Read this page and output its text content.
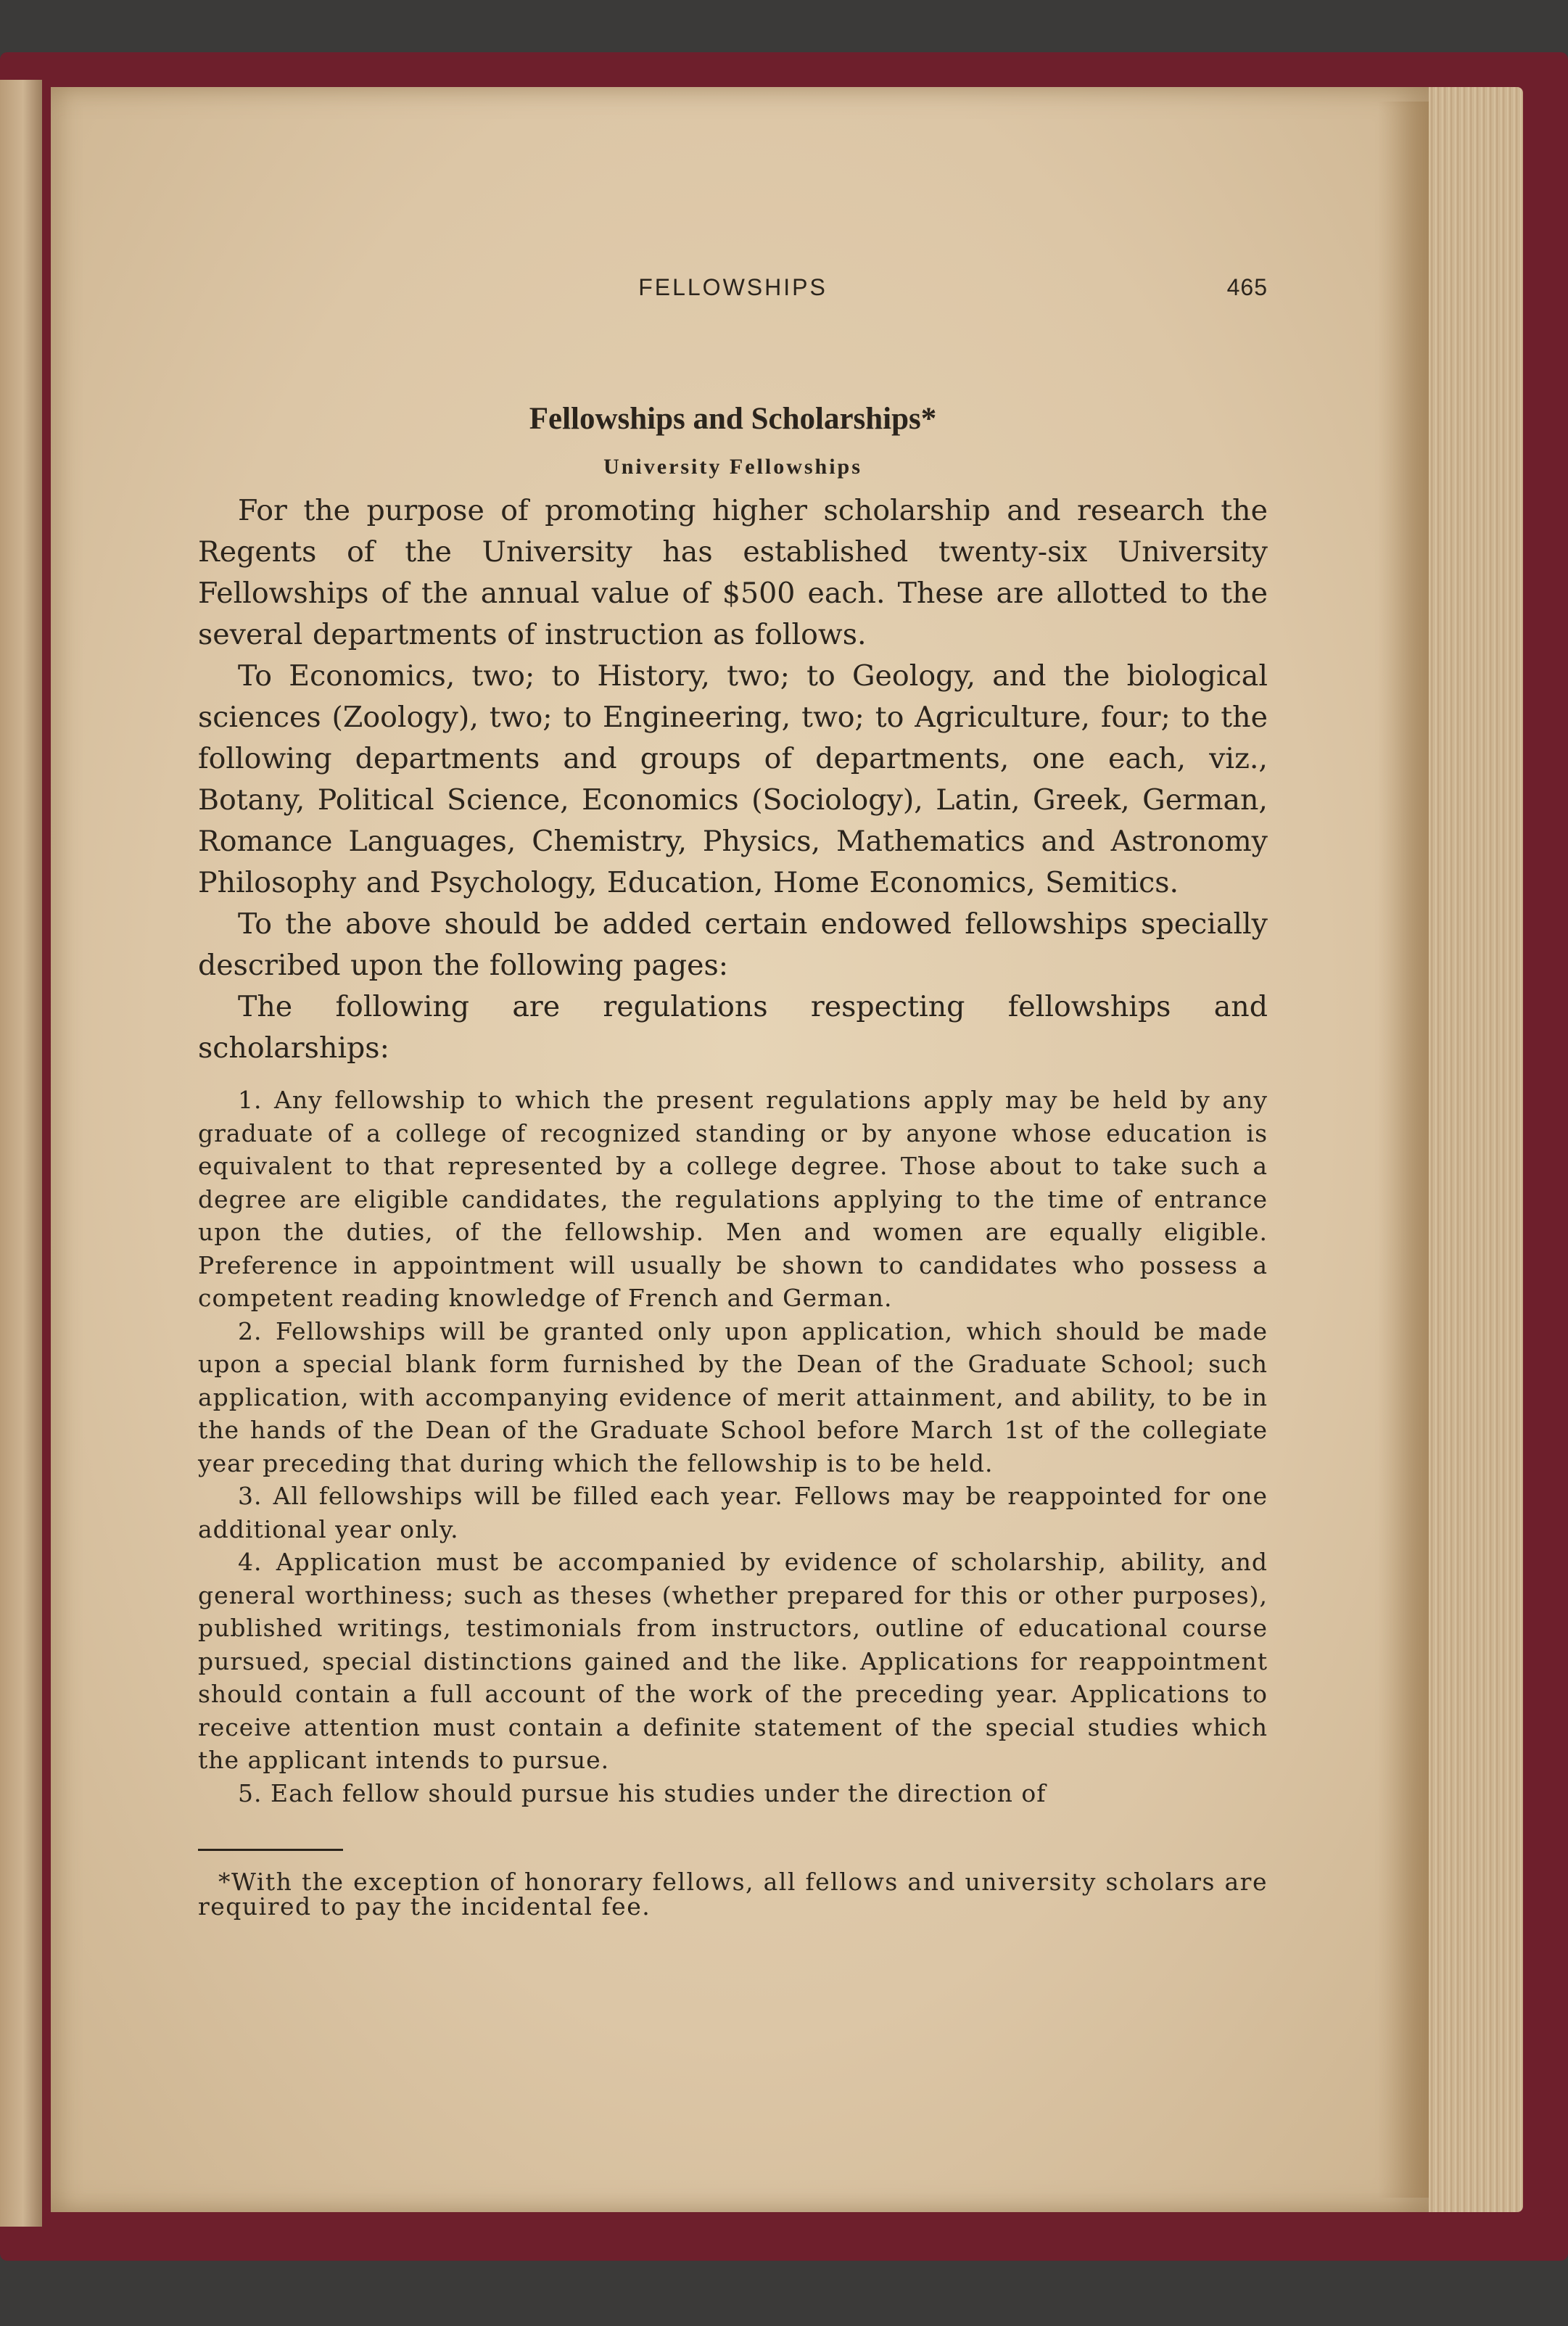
FELLOWSHIPS	465
Fellowships and Scholarships*
University Fellowships

For the purpose of promoting higher scholarship and research the Regents of the University has established twenty-six University Fellowships of the annual value of $500 each. These are allotted to the several departments of instruction as follows.

To Economics, two; to History, two; to Geology, and the biological sciences (Zoology), two; to Engineering, two; to Agriculture, four; to the following departments and groups of departments, one each, viz., Botany, Political Science, Economics (Sociology), Latin, Greek, German, Romance Languages, Chemistry, Physics, Mathematics and Astronomy Philosophy and Psychology, Education, Home Economics, Semitics.

To the above should be added certain endowed fellowships specially described upon the following pages:

The following are regulations respecting fellowships and scholarships:

1. Any fellowship to which the present regulations apply may be held by any graduate of a college of recognized standing or by anyone whose education is equivalent to that represented by a college degree. Those about to take such a degree are eligible candidates, the regulations applying to the time of entrance upon the duties, of the fellowship. Men and women are equally eligible. Preference in appointment will usually be shown to candidates who possess a competent reading knowledge of French and German.

2. Fellowships will be granted only upon application, which should be made upon a special blank form furnished by the Dean of the Graduate School; such application, with accompanying evidence of merit attainment, and ability, to be in the hands of the Dean of the Graduate School before March 1st of the collegiate year preceding that during which the fellowship is to be held.

3. All fellowships will be filled each year. Fellows may be reappointed for one additional year only.

4. Application must be accompanied by evidence of scholarship, ability, and general worthiness; such as theses (whether prepared for this or other purposes), published writings, testimonials from instructors, outline of educational course pursued, special distinctions gained and the like. Applications for reappointment should contain a full account of the work of the preceding year. Applications to receive attention must contain a definite statement of the special studies which the applicant intends to pursue.

5. Each fellow should pursue his studies under the direction of

*With the exception of honorary fellows, all fellows and university scholars are required to pay the incidental fee.
